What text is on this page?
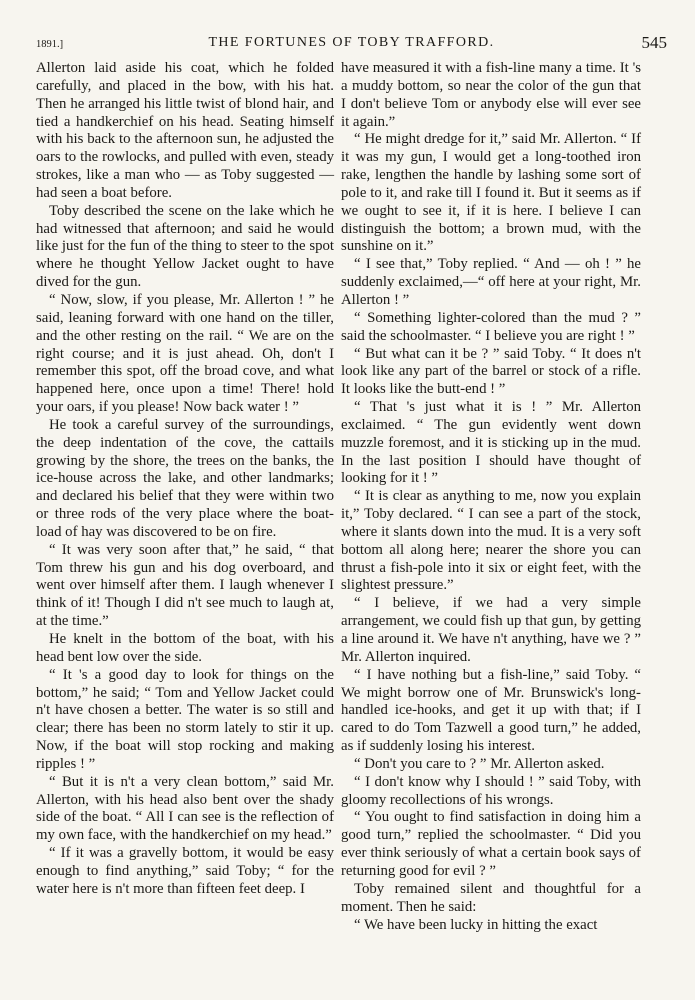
1891.]	THE FORTUNES OF TOBY TRAFFORD.	545

Allerton laid aside his coat, which he folded carefully, and placed in the bow, with his hat. Then he arranged his little twist of blond hair, and tied a handkerchief on his head. Seating himself with his back to the afternoon sun, he adjusted the oars to the rowlocks, and pulled with even, steady strokes, like a man who — as Toby suggested — had seen a boat before.

Toby described the scene on the lake which he had witnessed that afternoon; and said he would like just for the fun of the thing to steer to the spot where he thought Yellow Jacket ought to have dived for the gun.

“ Now, slow, if you please, Mr. Allerton ! ” he said, leaning forward with one hand on the tiller, and the other resting on the rail. “ We are on the right course; and it is just ahead. Oh, don't I remember this spot, off the broad cove, and what happened here, once upon a time! There! hold your oars, if you please! Now back water ! ”

He took a careful survey of the surroundings, the deep indentation of the cove, the cattails growing by the shore, the trees on the banks, the ice-house across the lake, and other landmarks; and declared his belief that they were within two or three rods of the very place where the boat-load of hay was discovered to be on fire.

“ It was very soon after that,” he said, “ that Tom threw his gun and his dog overboard, and went over himself after them. I laugh whenever I think of it! Though I did n't see much to laugh at, at the time.”

He knelt in the bottom of the boat, with his head bent low over the side.

“ It 's a good day to look for things on the bottom,” he said; “ Tom and Yellow Jacket could n't have chosen a better. The water is so still and clear; there has been no storm lately to stir it up. Now, if the boat will stop rocking and making ripples ! ”

“ But it is n't a very clean bottom,” said Mr. Allerton, with his head also bent over the shady side of the boat. “ All I can see is the reflection of my own face, with the handkerchief on my head.”

“ If it was a gravelly bottom, it would be easy enough to find anything,” said Toby; “ for the water here is n't more than fifteen feet deep. I

have measured it with a fish-line many a time. It 's a muddy bottom, so near the color of the gun that I don't believe Tom or anybody else will ever see it again.”

“ He might dredge for it,” said Mr. Allerton. “ If it was my gun, I would get a long-toothed iron rake, lengthen the handle by lashing some sort of pole to it, and rake till I found it. But it seems as if we ought to see it, if it is here. I believe I can distinguish the bottom; a brown mud, with the sunshine on it.”

“ I see that,” Toby replied. “ And — oh ! ” he suddenly exclaimed,—“ off here at your right, Mr. Allerton ! ”

“ Something lighter-colored than the mud ? ” said the schoolmaster. “ I believe you are right ! ”

“ But what can it be ? ” said Toby. “ It does n't look like any part of the barrel or stock of a rifle. It looks like the butt-end ! ”

“ That 's just what it is ! ” Mr. Allerton exclaimed. “ The gun evidently went down muzzle foremost, and it is sticking up in the mud. In the last position I should have thought of looking for it ! ”

“ It is clear as anything to me, now you explain it,” Toby declared. “ I can see a part of the stock, where it slants down into the mud. It is a very soft bottom all along here; nearer the shore you can thrust a fish-pole into it six or eight feet, with the slightest pressure.”

“ I believe, if we had a very simple arrangement, we could fish up that gun, by getting a line around it. We have n't anything, have we ? ” Mr. Allerton inquired.

“ I have nothing but a fish-line,” said Toby. “ We might borrow one of Mr. Brunswick's long-handled ice-hooks, and get it up with that; if I cared to do Tom Tazwell a good turn,” he added, as if suddenly losing his interest.

“ Don't you care to ? ” Mr. Allerton asked.

“ I don't know why I should ! ” said Toby, with gloomy recollections of his wrongs.

“ You ought to find satisfaction in doing him a good turn,” replied the schoolmaster. “ Did you ever think seriously of what a certain book says of returning good for evil ? ”

Toby remained silent and thoughtful for a moment. Then he said:

“ We have been lucky in hitting the exact
